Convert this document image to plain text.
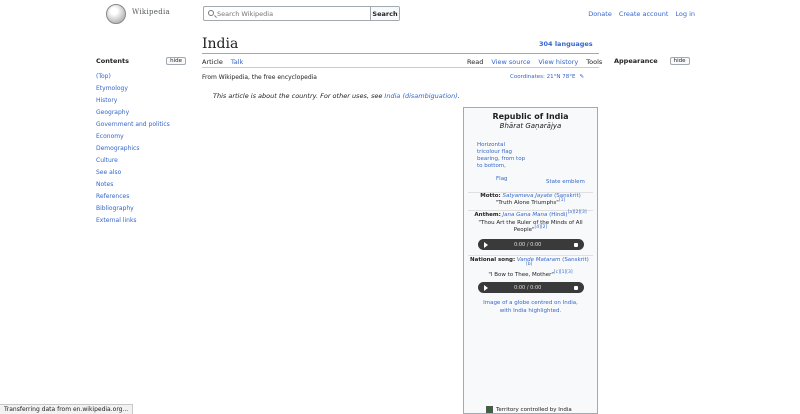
Wikipedia
Search Wikipedia	Search	Donate Create account Log in
Contents	hide
(Top)
Etymology
History
Geography
Government and politics
Economy
Demographics
Culture
See also
Notes
References
Bibliography
External links
India	304 languages
Article Talk	Read View source View history Tools
From Wikipedia, the free encyclopedia	Coordinates: 21°N 78°E ✎
This article is about the country. For other uses, see India (disambiguation).
Appearance	hide
Republic of India
Bhārat Gaṇarājya
Horizontal tricolour flag bearing, from top to bottom,
Flag	State emblem
Motto: Satyameva Jayate (Sanskrit)
"Truth Alone Triumphs"[1]
Anthem: Jana Gana Mana (Hindi)[a][2][3]
"Thou Art the Ruler of the Minds of All People"[4][2]
0:00 / 0:00
National song: Vande Mataram (Sanskrit)
[b]
"I Bow to Thee, Mother"[c][1][3]
0:00 / 0:00
Image of a globe centred on India, with India highlighted.
Territory controlled by India
Transferring data from en.wikipedia.org...
